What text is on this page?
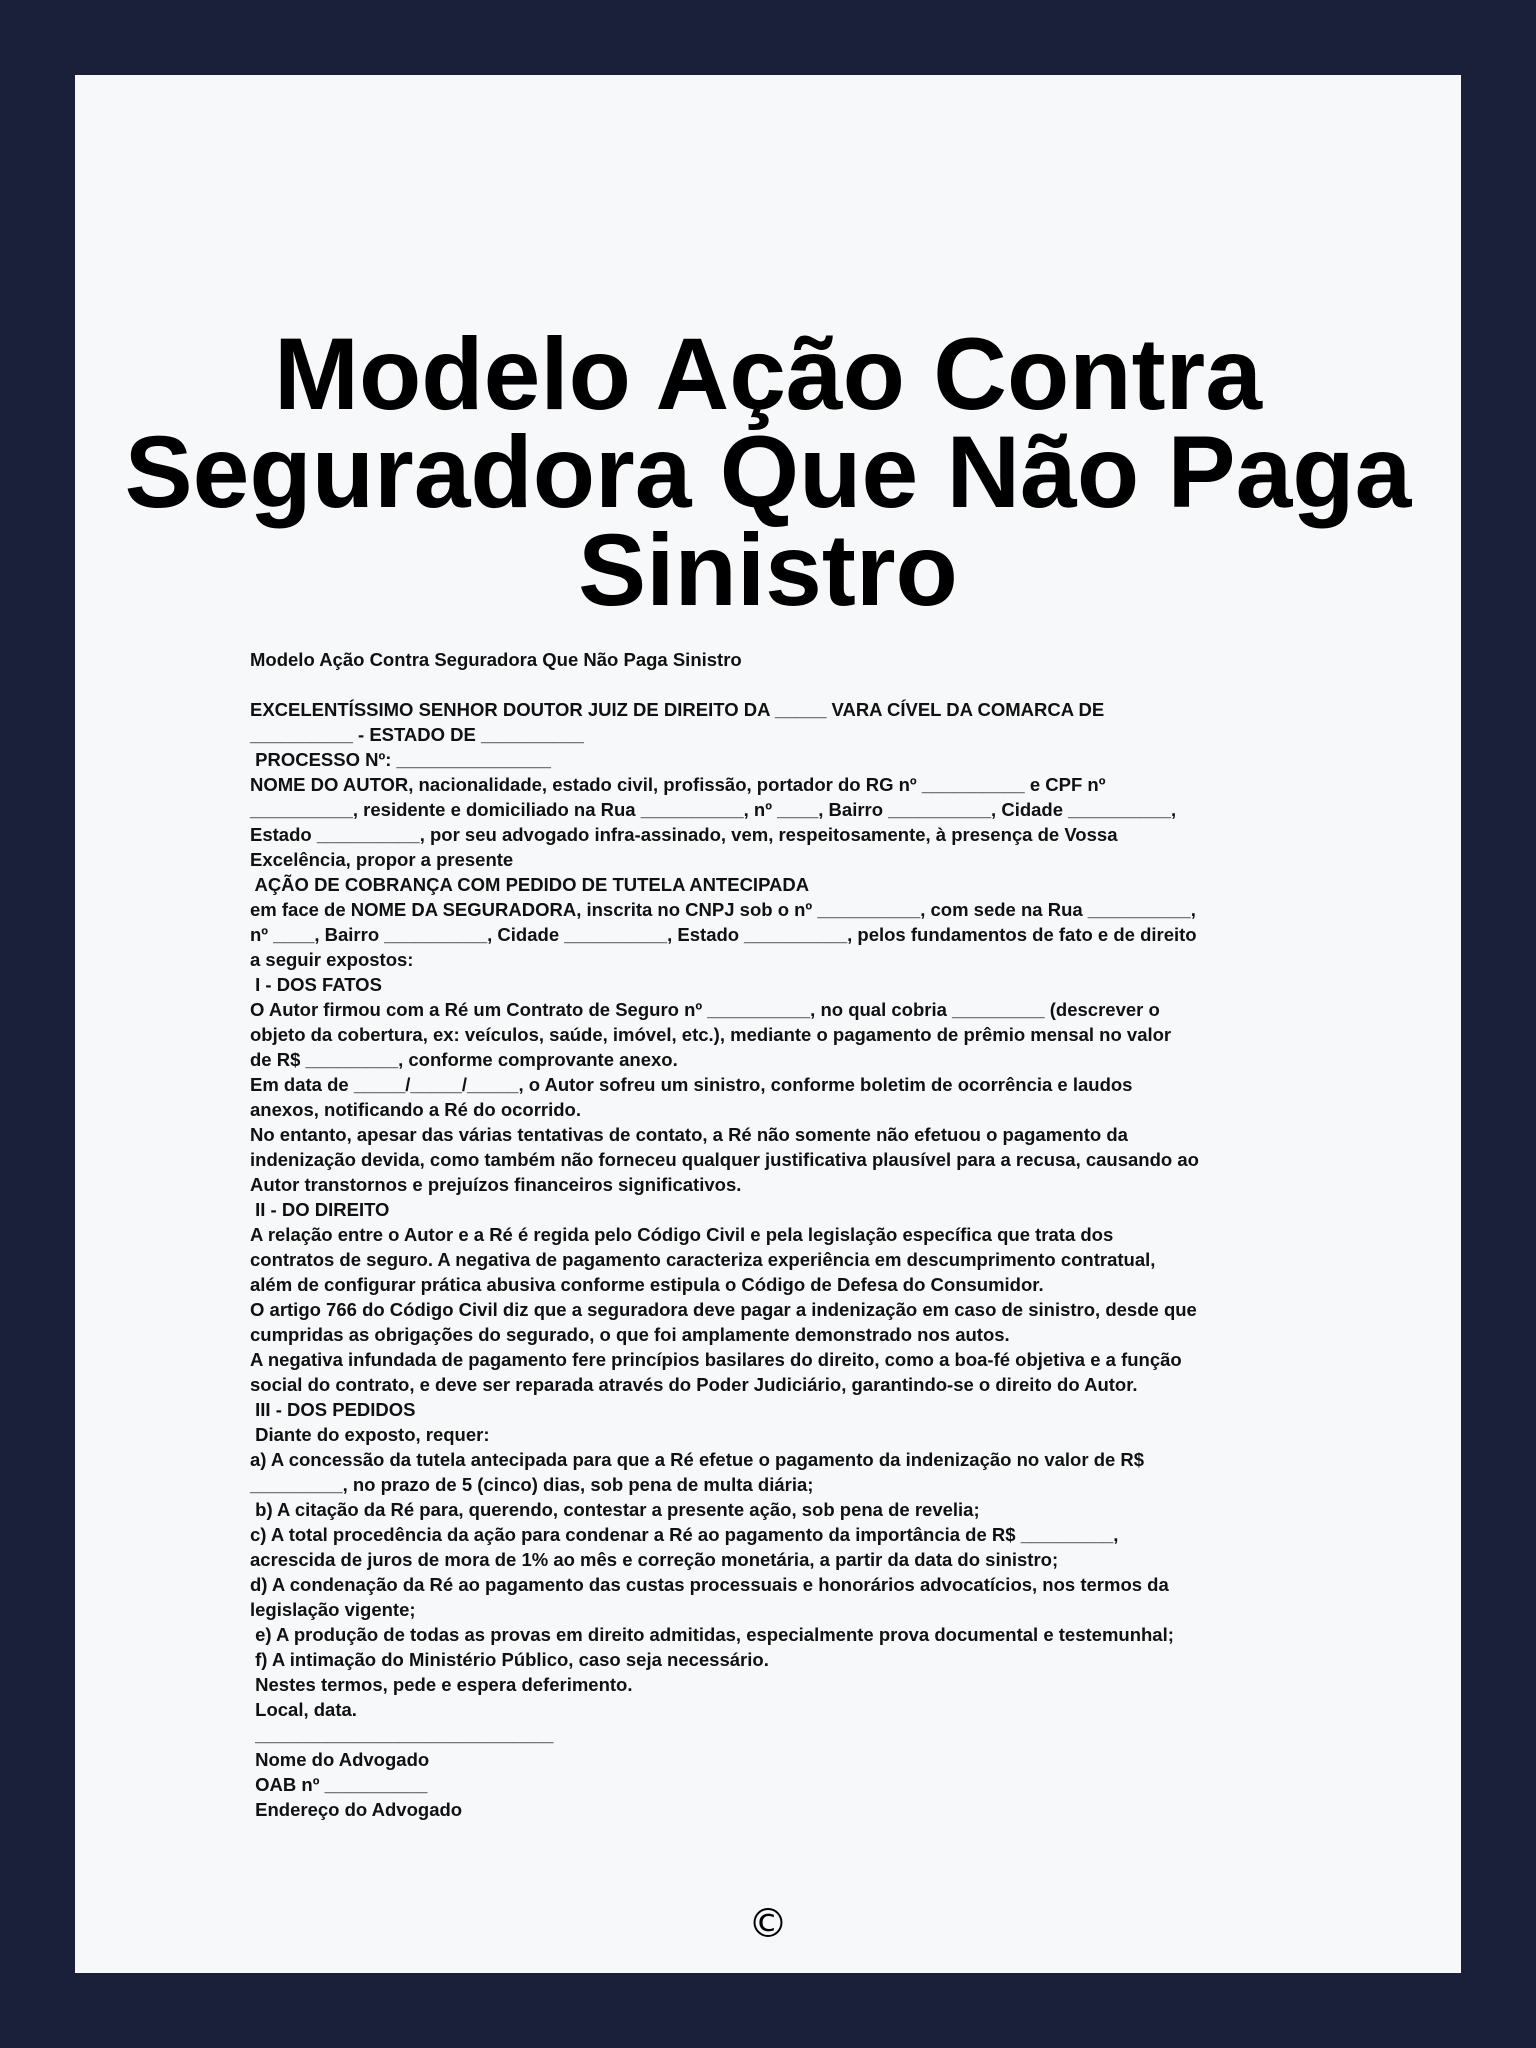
Modelo Ação Contra
Seguradora Que Não Paga
Sinistro
Modelo Ação Contra Seguradora Que Não Paga Sinistro
EXCELENTÍSSIMO SENHOR DOUTOR JUIZ DE DIREITO DA _____ VARA CÍVEL DA COMARCA DE
__________ - ESTADO DE __________
PROCESSO Nº: _______________
NOME DO AUTOR, nacionalidade, estado civil, profissão, portador do RG nº __________ e CPF nº
__________, residente e domiciliado na Rua __________, nº ____, Bairro __________, Cidade __________,
Estado __________, por seu advogado infra-assinado, vem, respeitosamente, à presença de Vossa
Excelência, propor a presente
AÇÃO DE COBRANÇA COM PEDIDO DE TUTELA ANTECIPADA
em face de NOME DA SEGURADORA, inscrita no CNPJ sob o nº __________, com sede na Rua __________,
nº ____, Bairro __________, Cidade __________, Estado __________, pelos fundamentos de fato e de direito
a seguir expostos:
I - DOS FATOS
O Autor firmou com a Ré um Contrato de Seguro nº __________, no qual cobria _________ (descrever o
objeto da cobertura, ex: veículos, saúde, imóvel, etc.), mediante o pagamento de prêmio mensal no valor
de R$ _________, conforme comprovante anexo.
Em data de _____/_____/_____, o Autor sofreu um sinistro, conforme boletim de ocorrência e laudos
anexos, notificando a Ré do ocorrido.
No entanto, apesar das várias tentativas de contato, a Ré não somente não efetuou o pagamento da
indenização devida, como também não forneceu qualquer justificativa plausível para a recusa, causando ao
Autor transtornos e prejuízos financeiros significativos.
II - DO DIREITO
A relação entre o Autor e a Ré é regida pelo Código Civil e pela legislação específica que trata dos
contratos de seguro. A negativa de pagamento caracteriza experiência em descumprimento contratual,
além de configurar prática abusiva conforme estipula o Código de Defesa do Consumidor.
O artigo 766 do Código Civil diz que a seguradora deve pagar a indenização em caso de sinistro, desde que
cumpridas as obrigações do segurado, o que foi amplamente demonstrado nos autos.
A negativa infundada de pagamento fere princípios basilares do direito, como a boa-fé objetiva e a função
social do contrato, e deve ser reparada através do Poder Judiciário, garantindo-se o direito do Autor.
III - DOS PEDIDOS
Diante do exposto, requer:
a) A concessão da tutela antecipada para que a Ré efetue o pagamento da indenização no valor de R$
_________, no prazo de 5 (cinco) dias, sob pena de multa diária;
b) A citação da Ré para, querendo, contestar a presente ação, sob pena de revelia;
c) A total procedência da ação para condenar a Ré ao pagamento da importância de R$ _________,
acrescida de juros de mora de 1% ao mês e correção monetária, a partir da data do sinistro;
d) A condenação da Ré ao pagamento das custas processuais e honorários advocatícios, nos termos da
legislação vigente;
e) A produção de todas as provas em direito admitidas, especialmente prova documental e testemunhal;
f) A intimação do Ministério Público, caso seja necessário.
Nestes termos, pede e espera deferimento.
Local, data.
_____________________________
Nome do Advogado
OAB nº __________
Endereço do Advogado
©
